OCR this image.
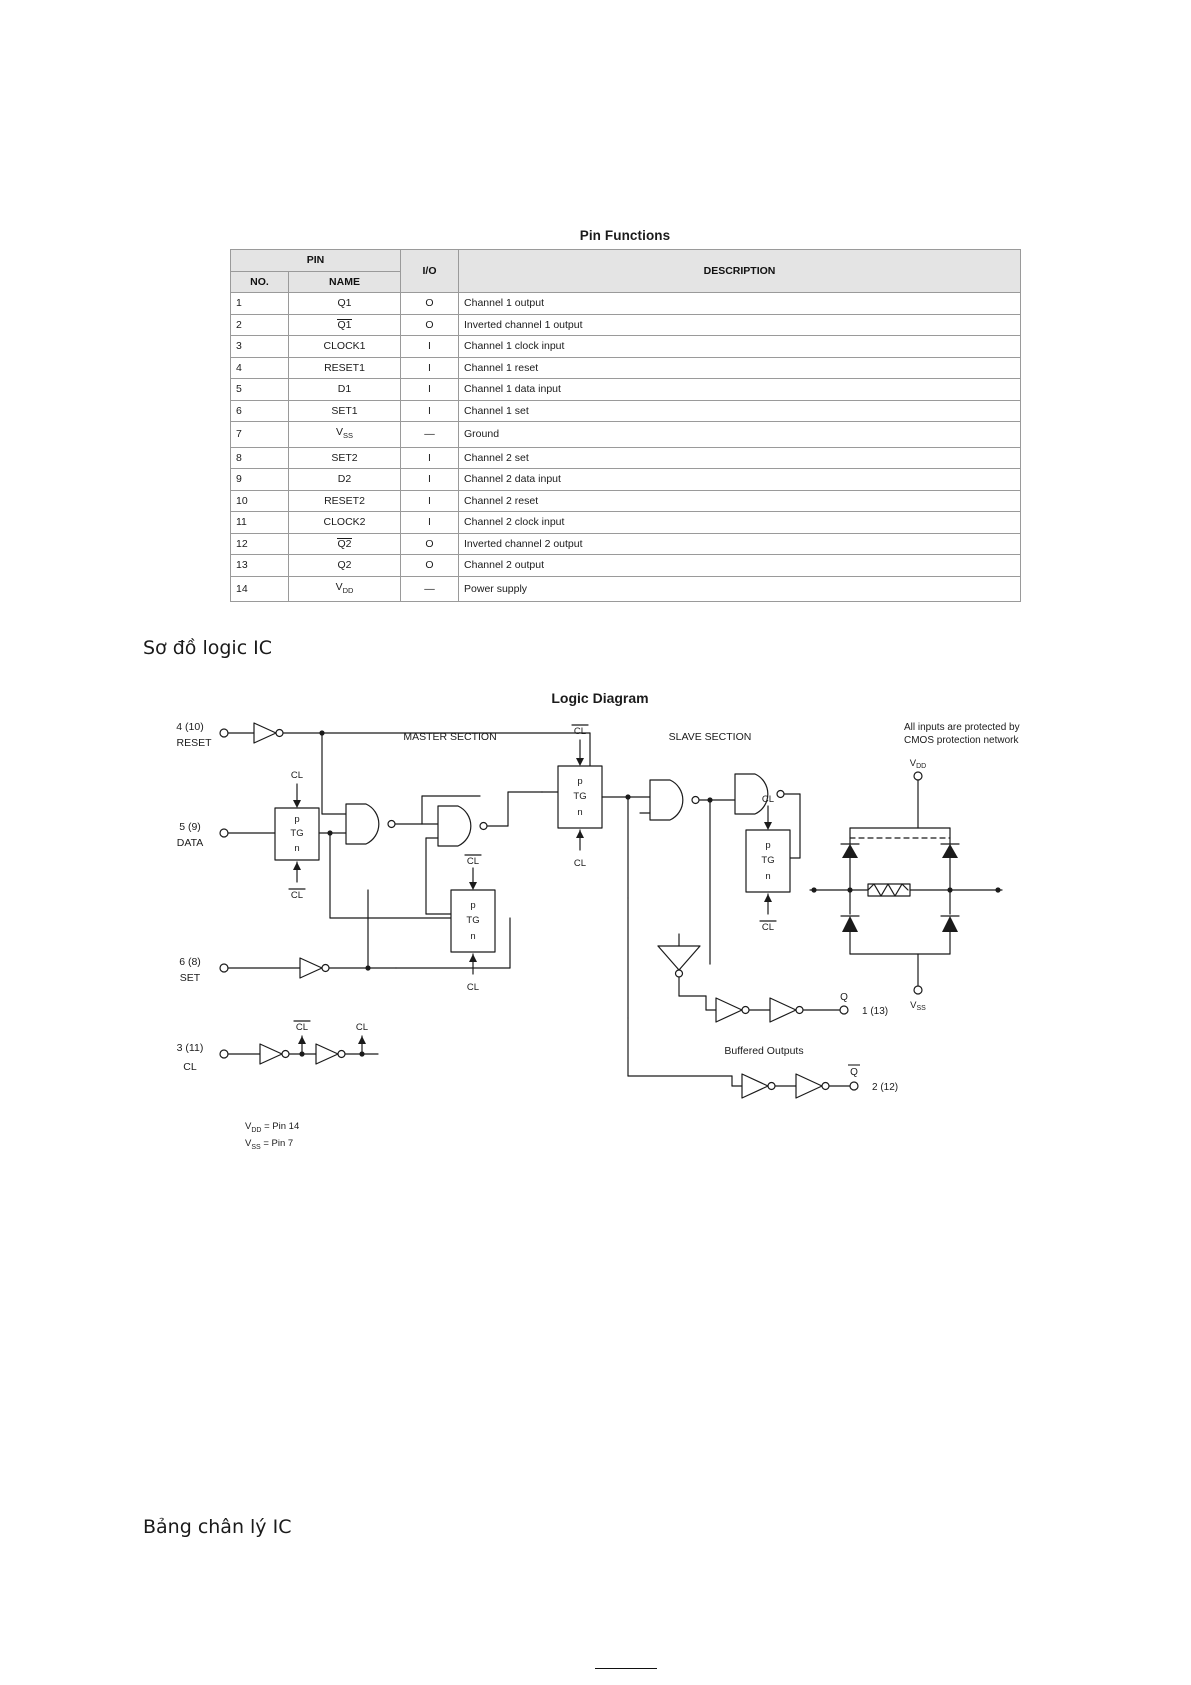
Pin Functions
PIN		I/O	DESCRIPTION
NO.	NAME		
1	Q1	O	Channel 1 output
2	Q1	O	Inverted channel 1 output
3	CLOCK1	I	Channel 1 clock input
4	RESET1	I	Channel 1 reset
5	D1	I	Channel 1 data input
6	SET1	I	Channel 1 set
7	$V_{SS}$	—	Ground
8	SET2	I	Channel 2 set
9	D2	I	Channel 2 data input
10	RESET2	I	Channel 2 reset
11	CLOCK2	I	Channel 2 clock input
12	Q2	O	Inverted channel 2 output
13	Q2	O	Channel 2 output
14	$V_{DD}$	—	Power supply
Sơ đồ logic IC
Logic Diagram
p
TG
n
CL
CL
p
TG
n
CL
CL
p
TG
n
CL
CL
p
TG
n
CL
CL
CL	CL
4 (10)
RESET
5 (9)
DATA
6 (8)
SET
3 (11)
CL
MASTER SECTION	SLAVE SECTION
All inputs are protected by
CMOS protection network
$V_{DD}$
$V_{SS}$
Buffered Outputs
Q
1 (13)
Q
2 (12)
$V_{DD}$ = Pin 14
$V_{SS}$ = Pin 7
Bảng chân lý IC
